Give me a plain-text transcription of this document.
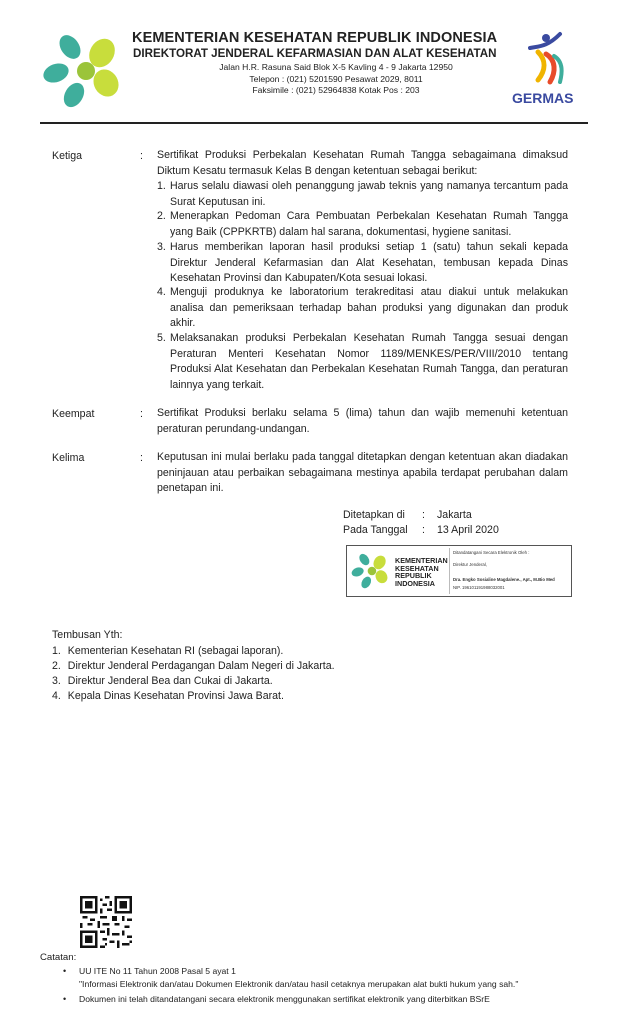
KEMENTERIAN KESEHATAN REPUBLIK INDONESIA
DIREKTORAT JENDERAL KEFARMASIAN DAN ALAT KESEHATAN
Jalan H.R. Rasuna Said Blok X-5 Kavling 4 - 9 Jakarta 12950
Telepon : (021) 5201590 Pesawat 2029, 8011
Faksimile : (021) 52964838 Kotak Pos : 203	GERMAS
Ketiga	: Sertifikat Produksi Perbekalan Kesehatan Rumah Tangga sebagaimana dimaksud Diktum Kesatu termasuk Kelas B dengan ketentuan sebagai berikut:
1. Harus selalu diawasi oleh penanggung jawab teknis yang namanya tercantum pada Surat Keputusan ini.
2. Menerapkan Pedoman Cara Pembuatan Perbekalan Kesehatan Rumah Tangga yang Baik (CPPKRTB) dalam hal sarana, dokumentasi, hygiene sanitasi.
3. Harus memberikan laporan hasil produksi setiap 1 (satu) tahun sekali kepada Direktur Jenderal Kefarmasian dan Alat Kesehatan, tembusan kepada Dinas Kesehatan Provinsi dan Kabupaten/Kota sesuai lokasi.
4. Menguji produknya ke laboratorium terakreditasi atau diakui untuk melakukan analisa dan pemeriksaan terhadap bahan produksi yang digunakan dan produk akhir.
5. Melaksanakan produksi Perbekalan Kesehatan Rumah Tangga sesuai dengan Peraturan Menteri Kesehatan Nomor 1189/MENKES/PER/VIII/2010 tentang Produksi Alat Kesehatan dan Perbekalan Kesehatan Rumah Tangga, dan peraturan lainnya yang terkait.
Keempat	: Sertifikat Produksi berlaku selama 5 (lima) tahun dan wajib memenuhi ketentuan peraturan perundang-undangan.
Kelima	: Keputusan ini mulai berlaku pada tanggal ditetapkan dengan ketentuan akan diadakan peninjauan atau perbaikan sebagaimana mestinya apabila terdapat perubahan dalam penetapan ini.
Ditetapkan di : Jakarta
Pada Tanggal : 13 April 2020
KEMENTERIAN KESEHATAN REPUBLIK INDONESIA
Ditandatangani Secara Elektronik Oleh :
Direktur Jenderal,
Dra. Engko Sosialine Magdalene., Apt., M.Bio Med
NIP. 196101191988032001
Tembusan Yth:
1. Kementerian Kesehatan RI (sebagai laporan).
2. Direktur Jenderal Perdagangan Dalam Negeri di Jakarta.
3. Direktur Jenderal Bea dan Cukai di Jakarta.
4. Kepala Dinas Kesehatan Provinsi Jawa Barat.
Catatan:
• UU ITE No 11 Tahun 2008 Pasal 5 ayat 1
"Informasi Elektronik dan/atau Dokumen Elektronik dan/atau hasil cetaknya merupakan alat bukti hukum yang sah."
• Dokumen ini telah ditandatangani secara elektronik menggunakan sertifikat elektronik yang diterbitkan BSrE
